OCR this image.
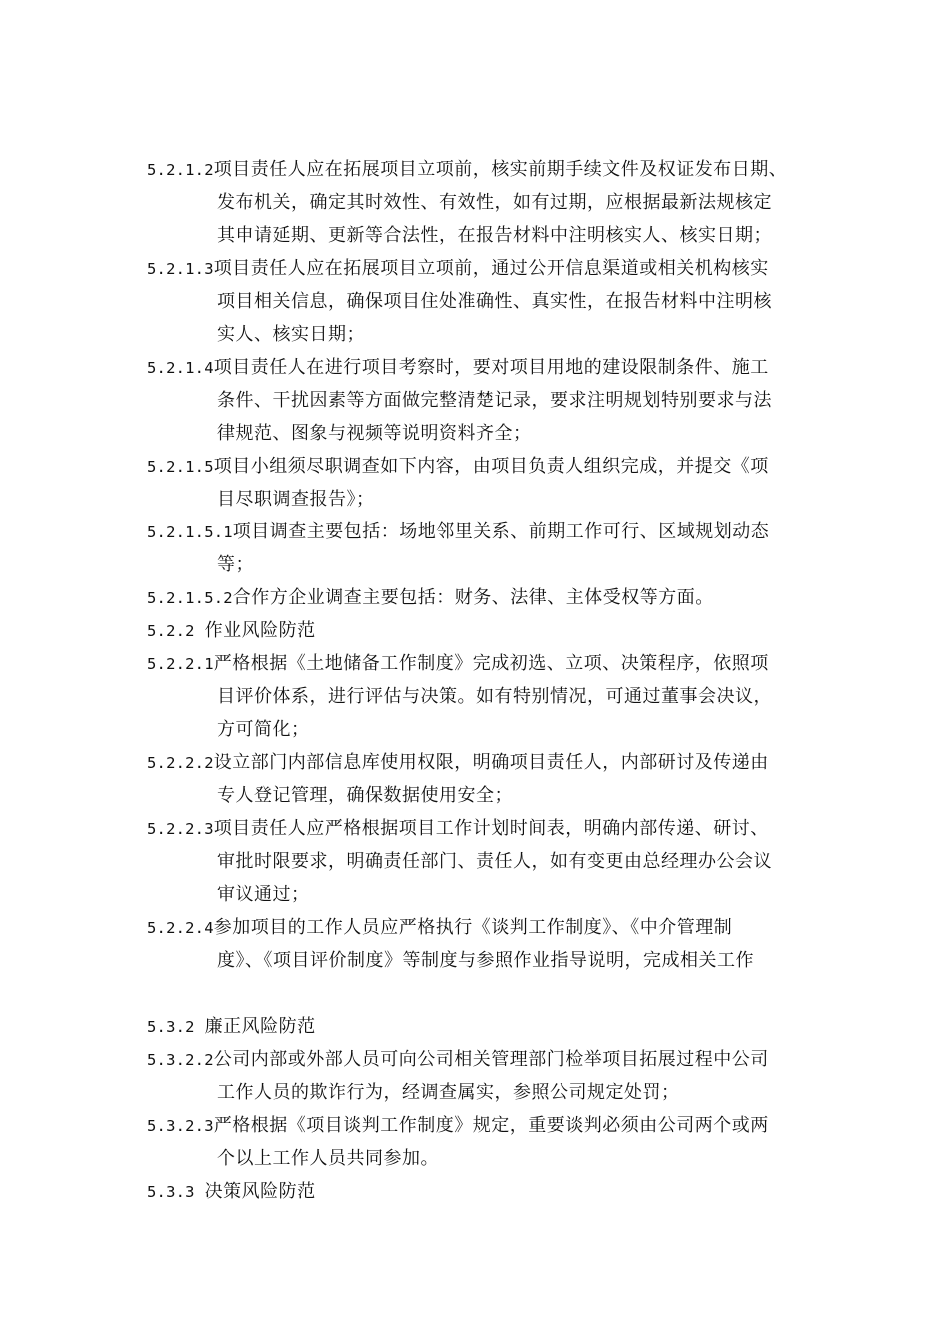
5.2.1.2项目责任人应在拓展项目立项前，核实前期手续文件及权证发布日期、
发布机关，确定其时效性、有效性，如有过期，应根据最新法规核定
其申请延期、更新等合法性，在报告材料中注明核实人、核实日期；
5.2.1.3项目责任人应在拓展项目立项前，通过公开信息渠道或相关机构核实
项目相关信息，确保项目住处准确性、真实性，在报告材料中注明核
实人、核实日期；
5.2.1.4项目责任人在进行项目考察时，要对项目用地的建设限制条件、施工
条件、干扰因素等方面做完整清楚记录，要求注明规划特别要求与法
律规范、图象与视频等说明资料齐全；
5.2.1.5项目小组须尽职调查如下内容，由项目负责人组织完成，并提交《项
目尽职调查报告》；
5.2.1.5.1项目调查主要包括：场地邻里关系、前期工作可行、区域规划动态
等；
5.2.1.5.2合作方企业调查主要包括：财务、法律、主体受权等方面。
5.2.2 作业风险防范
5.2.2.1严格根据《土地储备工作制度》完成初选、立项、决策程序，依照项
目评价体系，进行评估与决策。如有特别情况，可通过董事会决议，
方可简化；
5.2.2.2设立部门内部信息库使用权限，明确项目责任人，内部研讨及传递由
专人登记管理，确保数据使用安全；
5.2.2.3项目责任人应严格根据项目工作计划时间表，明确内部传递、研讨、
审批时限要求，明确责任部门、责任人，如有变更由总经理办公会议
审议通过；
5.2.2.4参加项目的工作人员应严格执行《谈判工作制度》、《中介管理制
度》、《项目评价制度》等制度与参照作业指导说明，完成相关工作
5.3.2 廉正风险防范
5.3.2.2公司内部或外部人员可向公司相关管理部门检举项目拓展过程中公司
工作人员的欺诈行为，经调查属实，参照公司规定处罚；
5.3.2.3严格根据《项目谈判工作制度》规定，重要谈判必须由公司两个或两
个以上工作人员共同参加。
5.3.3 决策风险防范
